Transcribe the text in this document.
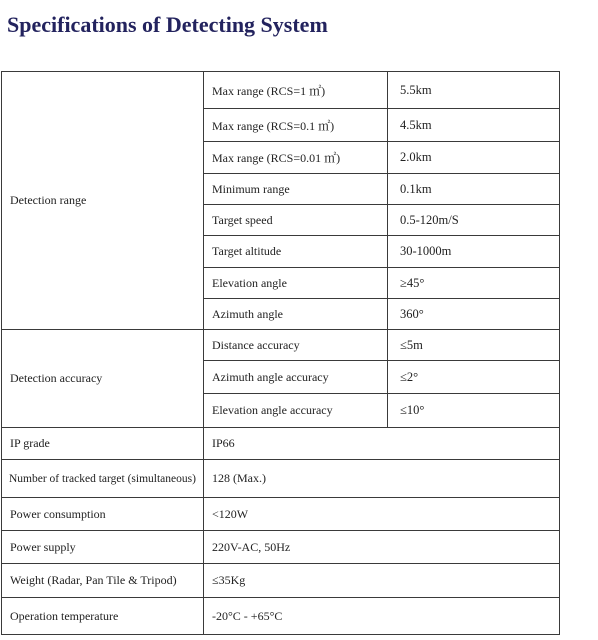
Specifications of Detecting System
Detection range	Max range (RCS=1 ㎡)	5.5km
	Max range (RCS=0.1 ㎡)	4.5km
	Max range (RCS=0.01 ㎡)	2.0km
	Minimum range	0.1km
	Target speed	0.5-120m/S
	Target altitude	30-1000m
	Elevation angle	≥45°
	Azimuth angle	360°
Detection accuracy	Distance accuracy	≤5m
	Azimuth angle accuracy	≤2°
	Elevation angle accuracy	≤10°
IP grade	IP66	
Number of tracked target (simultaneous)	128 (Max.)	
Power consumption	<120W	
Power supply	220V-AC, 50Hz	
Weight (Radar, Pan Tile & Tripod)	≤35Kg	
Operation temperature	-20°C - +65°C	
